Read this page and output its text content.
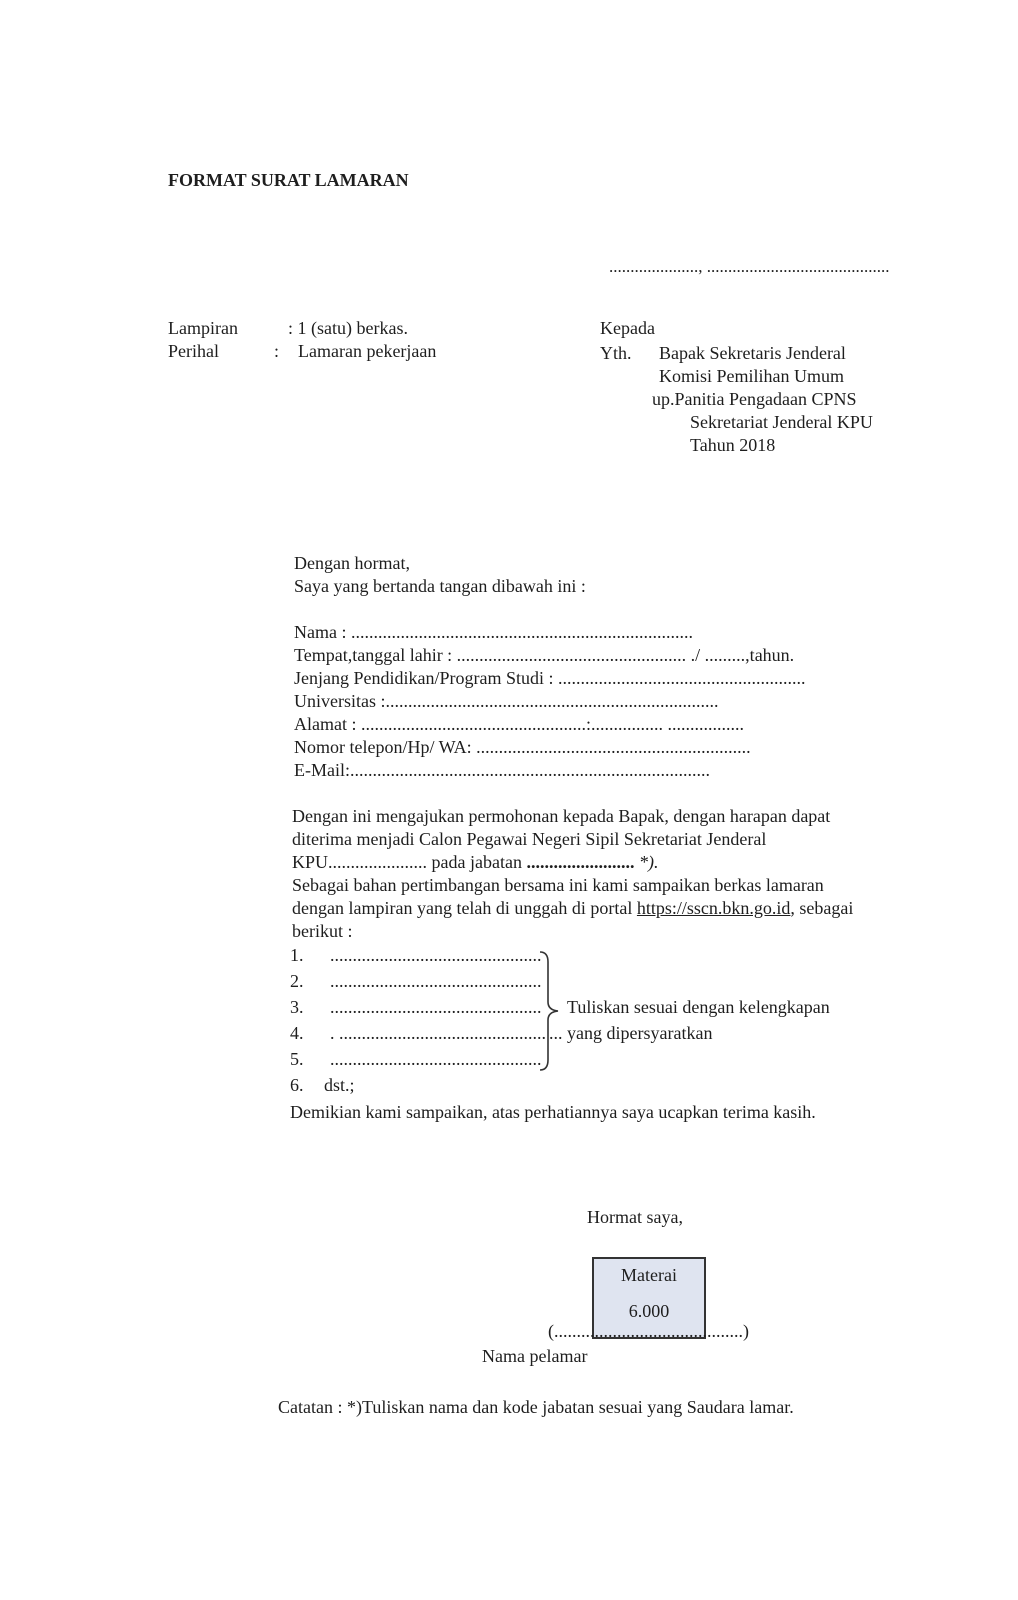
FORMAT SURAT LAMARAN
....................., ...........................................
Lampiran	: 1 (satu) berkas.
Perihal	: Lamaran pekerjaan
Kepada
Yth. Bapak Sekretaris Jenderal
Komisi Pemilihan Umum
up.Panitia Pengadaan CPNS
Sekretariat Jenderal KPU
Tahun 2018
Dengan hormat,
Saya yang bertanda tangan dibawah ini :
Nama : ............................................................................
Tempat,tanggal lahir : ................................................... ./ .........,tahun.
Jenjang Pendidikan/Program Studi : .......................................................
Universitas :..........................................................................
Alamat : ..................................................:................ .................
Nomor telepon/Hp/ WA: .............................................................
E-Mail:................................................................................
Dengan ini mengajukan permohonan kepada Bapak, dengan harapan dapat
diterima menjadi Calon Pegawai Negeri Sipil Sekretariat Jenderal
KPU...................... pada jabatan ........................ *).
Sebagai bahan pertimbangan bersama ini kami sampaikan berkas lamaran
dengan lampiran yang telah di unggah di portal https://sscn.bkn.go.id, sebagai
berikut :
1. ...............................................
2. ...............................................
3. ...............................................
4. . ..............................................
5. ...............................................
6. dst.;
Tuliskan sesuai dengan kelengkapan
... yang dipersyaratkan
Demikian kami sampaikan, atas perhatiannya saya ucapkan terima kasih.
Hormat saya,
Materai
6.000
(..........................................)
Nama pelamar
Catatan : *)Tuliskan nama dan kode jabatan sesuai yang Saudara lamar.
